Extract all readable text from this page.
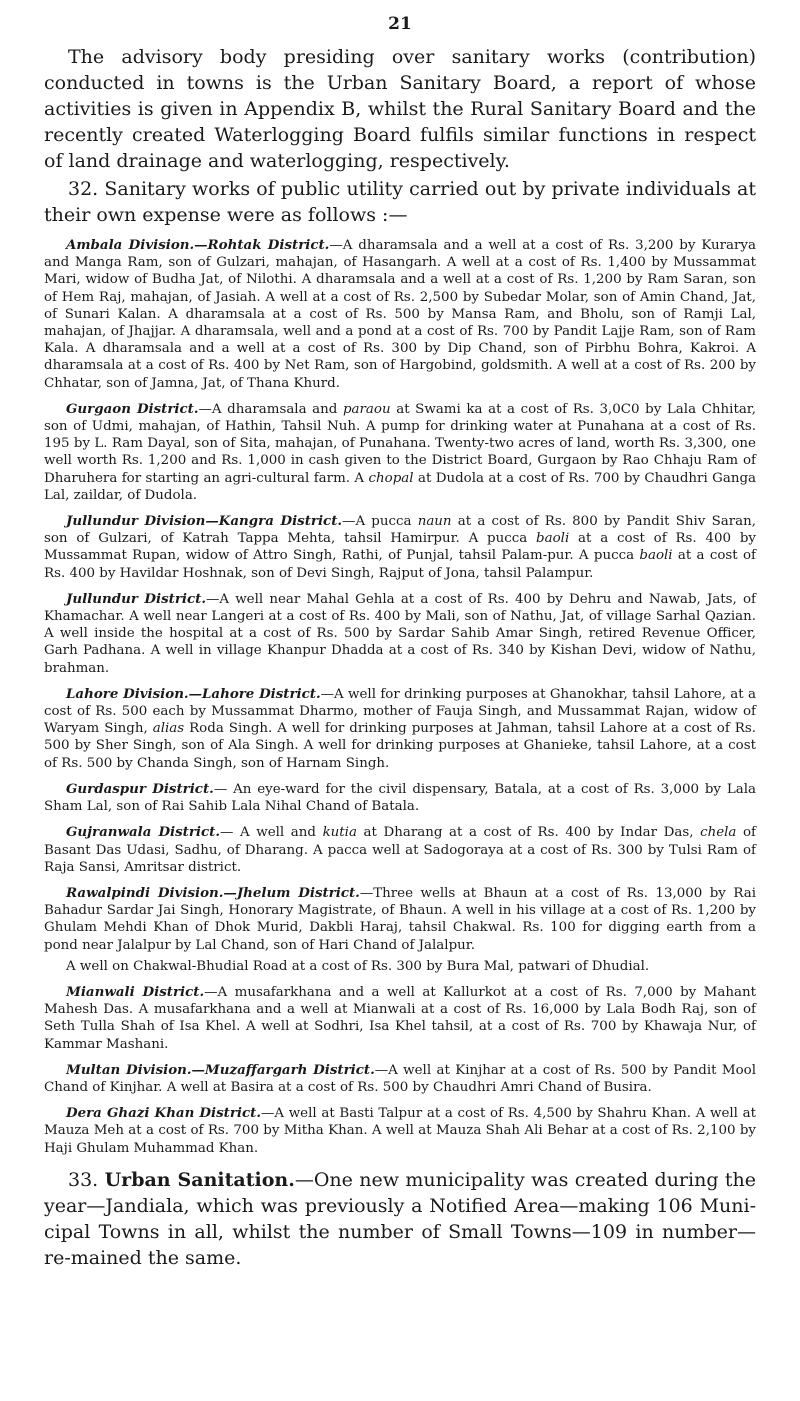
21

The advisory body presiding over sanitary works (contribution) conducted in towns is the Urban Sanitary Board, a report of whose activities is given in Appendix B, whilst the Rural Sanitary Board and the recently created Waterlogging Board fulfils similar functions in respect of land drainage and waterlogging, respectively.

32. Sanitary works of public utility carried out by private individuals at their own expense were as follows :—

Ambala Division.—Rohtak District.—A dharamsala and a well at a cost of Rs. 3,200 by Kurarya and Manga Ram, son of Gulzari, mahajan, of Hasangarh. A well at a cost of Rs. 1,400 by Mussammat Mari, widow of Budha Jat, of Nilothi. A dharamsala and a well at a cost of Rs. 1,200 by Ram Saran, son of Hem Raj, mahajan, of Jasiah. A well at a cost of Rs. 2,500 by Subedar Molar, son of Amin Chand, Jat, of Sunari Kalan. A dharamsala at a cost of Rs. 500 by Mansa Ram, and Bholu, son of Ramji Lal, mahajan, of Jhajjar. A dharamsala, well and a pond at a cost of Rs. 700 by Pandit Lajje Ram, son of Ram Kala. A dharamsala and a well at a cost of Rs. 300 by Dip Chand, son of Pirbhu Bohra, Kakroi. A dharamsala at a cost of Rs. 400 by Net Ram, son of Hargobind, goldsmith. A well at a cost of Rs. 200 by Chhatar, son of Jamna, Jat, of Thana Khurd.

Gurgaon District.—A dharamsala and paraou at Swami ka at a cost of Rs. 3,0C0 by Lala Chhitar, son of Udmi, mahajan, of Hathin, Tahsil Nuh. A pump for drinking water at Punahana at a cost of Rs. 195 by L. Ram Dayal, son of Sita, mahajan, of Punahana. Twenty-two acres of land, worth Rs. 3,300, one well worth Rs. 1,200 and Rs. 1,000 in cash given to the District Board, Gurgaon by Rao Chhaju Ram of Dharuhera for starting an agri-cultural farm. A chopal at Dudola at a cost of Rs. 700 by Chaudhri Ganga Lal, zaildar, of Dudola.

Jullundur Division—Kangra District.—A pucca naun at a cost of Rs. 800 by Pandit Shiv Saran, son of Gulzari, of Katrah Tappa Mehta, tahsil Hamirpur. A pucca baoli at a cost of Rs. 400 by Mussammat Rupan, widow of Attro Singh, Rathi, of Punjal, tahsil Palam-pur. A pucca baoli at a cost of Rs. 400 by Havildar Hoshnak, son of Devi Singh, Rajput of Jona, tahsil Palampur.

Jullundur District.—A well near Mahal Gehla at a cost of Rs. 400 by Dehru and Nawab, Jats, of Khamachar. A well near Langeri at a cost of Rs. 400 by Mali, son of Nathu, Jat, of village Sarhal Qazian. A well inside the hospital at a cost of Rs. 500 by Sardar Sahib Amar Singh, retired Revenue Officer, Garh Padhana. A well in village Khanpur Dhadda at a cost of Rs. 340 by Kishan Devi, widow of Nathu, brahman.

Lahore Division.—Lahore District.—A well for drinking purposes at Ghanokhar, tahsil Lahore, at a cost of Rs. 500 each by Mussammat Dharmo, mother of Fauja Singh, and Mussammat Rajan, widow of Waryam Singh, alias Roda Singh. A well for drinking purposes at Jahman, tahsil Lahore at a cost of Rs. 500 by Sher Singh, son of Ala Singh. A well for drinking purposes at Ghanieke, tahsil Lahore, at a cost of Rs. 500 by Chanda Singh, son of Harnam Singh.

Gurdaspur District.— An eye-ward for the civil dispensary, Batala, at a cost of Rs. 3,000 by Lala Sham Lal, son of Rai Sahib Lala Nihal Chand of Batala.

Gujranwala District.— A well and kutia at Dharang at a cost of Rs. 400 by Indar Das, chela of Basant Das Udasi, Sadhu, of Dharang. A pacca well at Sadogoraya at a cost of Rs. 300 by Tulsi Ram of Raja Sansi, Amritsar district.

Rawalpindi Division.—Jhelum District.—Three wells at Bhaun at a cost of Rs. 13,000 by Rai Bahadur Sardar Jai Singh, Honorary Magistrate, of Bhaun. A well in his village at a cost of Rs. 1,200 by Ghulam Mehdi Khan of Dhok Murid, Dakbli Haraj, tahsil Chakwal. Rs. 100 for digging earth from a pond near Jalalpur by Lal Chand, son of Hari Chand of Jalalpur.

A well on Chakwal-Bhudial Road at a cost of Rs. 300 by Bura Mal, patwari of Dhudial.

Mianwali District.—A musafarkhana and a well at Kallurkot at a cost of Rs. 7,000 by Mahant Mahesh Das. A musafarkhana and a well at Mianwali at a cost of Rs. 16,000 by Lala Bodh Raj, son of Seth Tulla Shah of Isa Khel. A well at Sodhri, Isa Khel tahsil, at a cost of Rs. 700 by Khawaja Nur, of Kammar Mashani.

Multan Division.—Muzaffargarh District.—A well at Kinjhar at a cost of Rs. 500 by Pandit Mool Chand of Kinjhar. A well at Basira at a cost of Rs. 500 by Chaudhri Amri Chand of Busira.

Dera Ghazi Khan District.—A well at Basti Talpur at a cost of Rs. 4,500 by Shahru Khan. A well at Mauza Meh at a cost of Rs. 700 by Mitha Khan. A well at Mauza Shah Ali Behar at a cost of Rs. 2,100 by Haji Ghulam Muhammad Khan.

33. Urban Sanitation.—One new municipality was created during the year—Jandiala, which was previously a Notified Area—making 106 Muni-cipal Towns in all, whilst the number of Small Towns—109 in number—re-mained the same.
